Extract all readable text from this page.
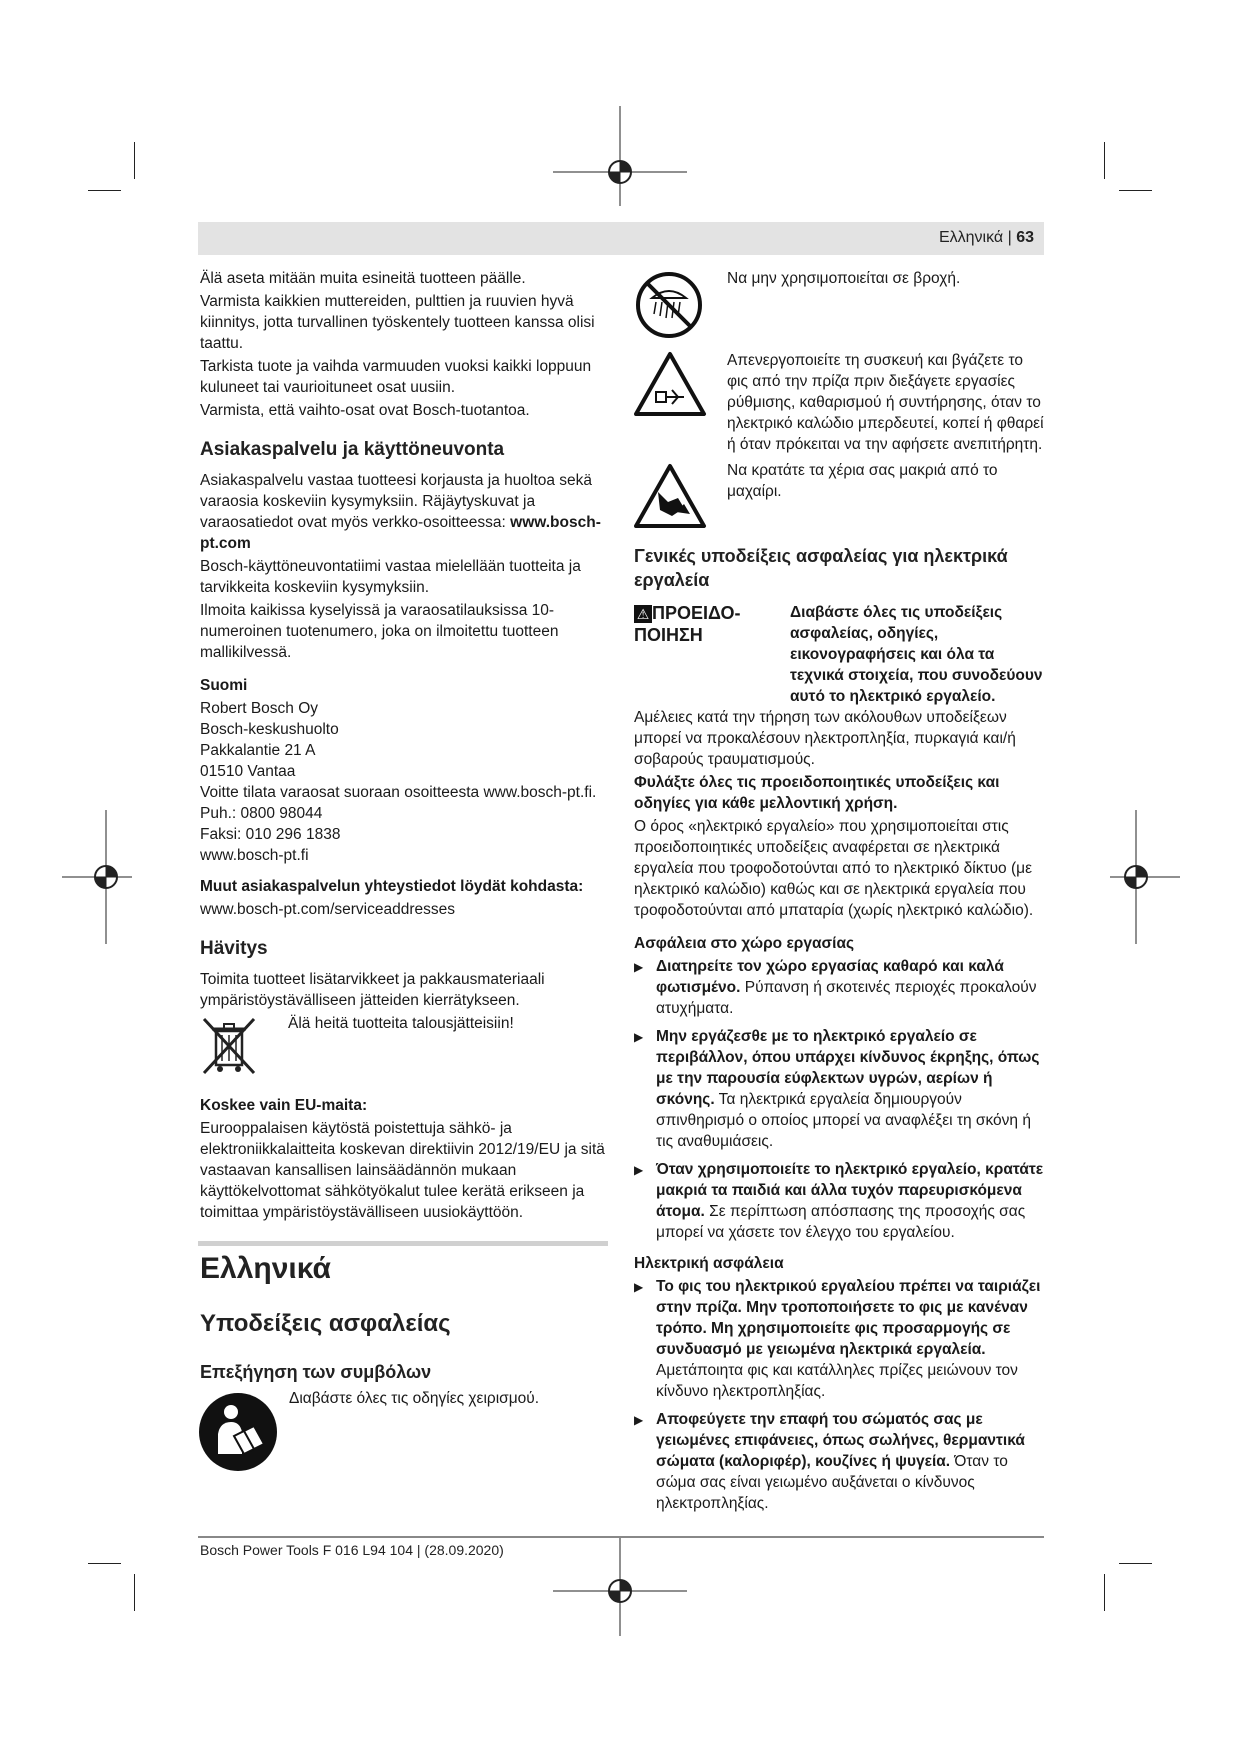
Ελληνικά | 63

Älä aseta mitään muita esineitä tuotteen päälle.

Varmista kaikkien muttereiden, pulttien ja ruuvien hyvä kiinnitys, jotta turvallinen työskentely tuotteen kanssa olisi taattu.

Tarkista tuote ja vaihda varmuuden vuoksi kaikki loppuun kuluneet tai vaurioituneet osat uusiin.

Varmista, että vaihto-osat ovat Bosch-tuotantoa.

Asiakaspalvelu ja käyttöneuvonta

Asiakaspalvelu vastaa tuotteesi korjausta ja huoltoa sekä varaosia koskeviin kysymyksiin. Räjäytyskuvat ja varaosatiedot ovat myös verkko-osoitteessa: www.bosch-pt.com

Bosch-käyttöneuvontatiimi vastaa mielellään tuotteita ja tarvikkeita koskeviin kysymyksiin.

Ilmoita kaikissa kyselyissä ja varaosatilauksissa 10-numeroinen tuotenumero, joka on ilmoitettu tuotteen mallikilvessä.

Suomi
Robert Bosch Oy
Bosch-keskushuolto
Pakkalantie 21 A
01510 Vantaa
Voitte tilata varaosat suoraan osoitteesta www.bosch-pt.fi.
Puh.: 0800 98044
Faksi: 010 296 1838
www.bosch-pt.fi
Muut asiakaspalvelun yhteystiedot löydät kohdasta:
www.bosch-pt.com/serviceaddresses
Hävitys

Toimita tuotteet lisätarvikkeet ja pakkausmateriaali ympäristöystävälliseen jätteiden kierrätykseen.

Älä heitä tuotteita talousjätteisiin!
Koskee vain EU-maita:

Eurooppalaisen käytöstä poistettuja sähkö- ja elektroniikkalaitteita koskevan direktiivin 2012/19/EU ja sitä vastaavan kansallisen lainsäädännön mukaan käyttökelvottomat sähkötyökalut tulee kerätä erikseen ja toimittaa ympäristöystävälliseen uusiokäyttöön.

Ελληνικά
Υποδείξεις ασφαλείας
Επεξήγηση των συμβόλων
Διαβάστε όλες τις οδηγίες χειρισμού.
Να μην χρησιμοποιείται σε βροχή.
Απενεργοποιείτε τη συσκευή και βγάζετε το φις από την πρίζα πριν διεξάγετε εργασίες ρύθμισης, καθαρισμού ή συντήρησης, όταν το ηλεκτρικό καλώδιο μπερδευτεί, κοπεί ή φθαρεί ή όταν πρόκειται να την αφήσετε ανεπιτήρητη.
Να κρατάτε τα χέρια σας μακριά από το μαχαίρι.
Γενικές υποδείξεις ασφαλείας για ηλεκτρικά εργαλεία
⚠ ΠΡΟΕΙΔΟ-ΠΟΙΗΣΗ

Διαβάστε όλες τις υποδείξεις ασφαλείας, οδηγίες, εικονογραφήσεις και όλα τα τεχνικά στοιχεία, που συνοδεύουν αυτό το ηλεκτρικό εργαλείο.
Αμέλειες κατά την τήρηση των ακόλουθων υποδείξεων μπορεί να προκαλέσουν ηλεκτροπληξία, πυρκαγιά και/ή σοβαρούς τραυματισμούς.

Φυλάξτε όλες τις προειδοποιητικές υποδείξεις και οδηγίες για κάθε μελλοντική χρήση.

Ο όρος «ηλεκτρικό εργαλείο» που χρησιμοποιείται στις προειδοποιητικές υποδείξεις αναφέρεται σε ηλεκτρικά εργαλεία που τροφοδοτούνται από το ηλεκτρικό δίκτυο (με ηλεκτρικό καλώδιο) καθώς και σε ηλεκτρικά εργαλεία που τροφοδοτούνται από μπαταρία (χωρίς ηλεκτρικό καλώδιο).

Ασφάλεια στο χώρο εργασίας
▶ Διατηρείτε τον χώρο εργασίας καθαρό και καλά φωτισμένο. Ρύπανση ή σκοτεινές περιοχές προκαλούν ατυχήματα.
▶ Μην εργάζεσθε με το ηλεκτρικό εργαλείο σε περιβάλλον, όπου υπάρχει κίνδυνος έκρηξης, όπως με την παρουσία εύφλεκτων υγρών, αερίων ή σκόνης. Τα ηλεκτρικά εργαλεία δημιουργούν σπινθηρισμό ο οποίος μπορεί να αναφλέξει τη σκόνη ή τις αναθυμιάσεις.
▶ Όταν χρησιμοποιείτε το ηλεκτρικό εργαλείο, κρατάτε μακριά τα παιδιά και άλλα τυχόν παρευρισκόμενα άτομα. Σε περίπτωση απόσπασης της προσοχής σας μπορεί να χάσετε τον έλεγχο του εργαλείου.
Ηλεκτρική ασφάλεια
▶ Το φις του ηλεκτρικού εργαλείου πρέπει να ταιριάζει στην πρίζα. Μην τροποποιήσετε το φις με κανέναν τρόπο. Μη χρησιμοποιείτε φις προσαρμογής σε συνδυασμό με γειωμένα ηλεκτρικά εργαλεία. Αμετάποιητα φις και κατάλληλες πρίζες μειώνουν τον κίνδυνο ηλεκτροπληξίας.
▶ Αποφεύγετε την επαφή του σώματός σας με γειωμένες επιφάνειες, όπως σωλήνες, θερμαντικά σώματα (καλοριφέρ), κουζίνες ή ψυγεία. Όταν το σώμα σας είναι γειωμένο αυξάνεται ο κίνδυνος ηλεκτροπληξίας.
Bosch Power Tools F 016 L94 104 | (28.09.2020)
